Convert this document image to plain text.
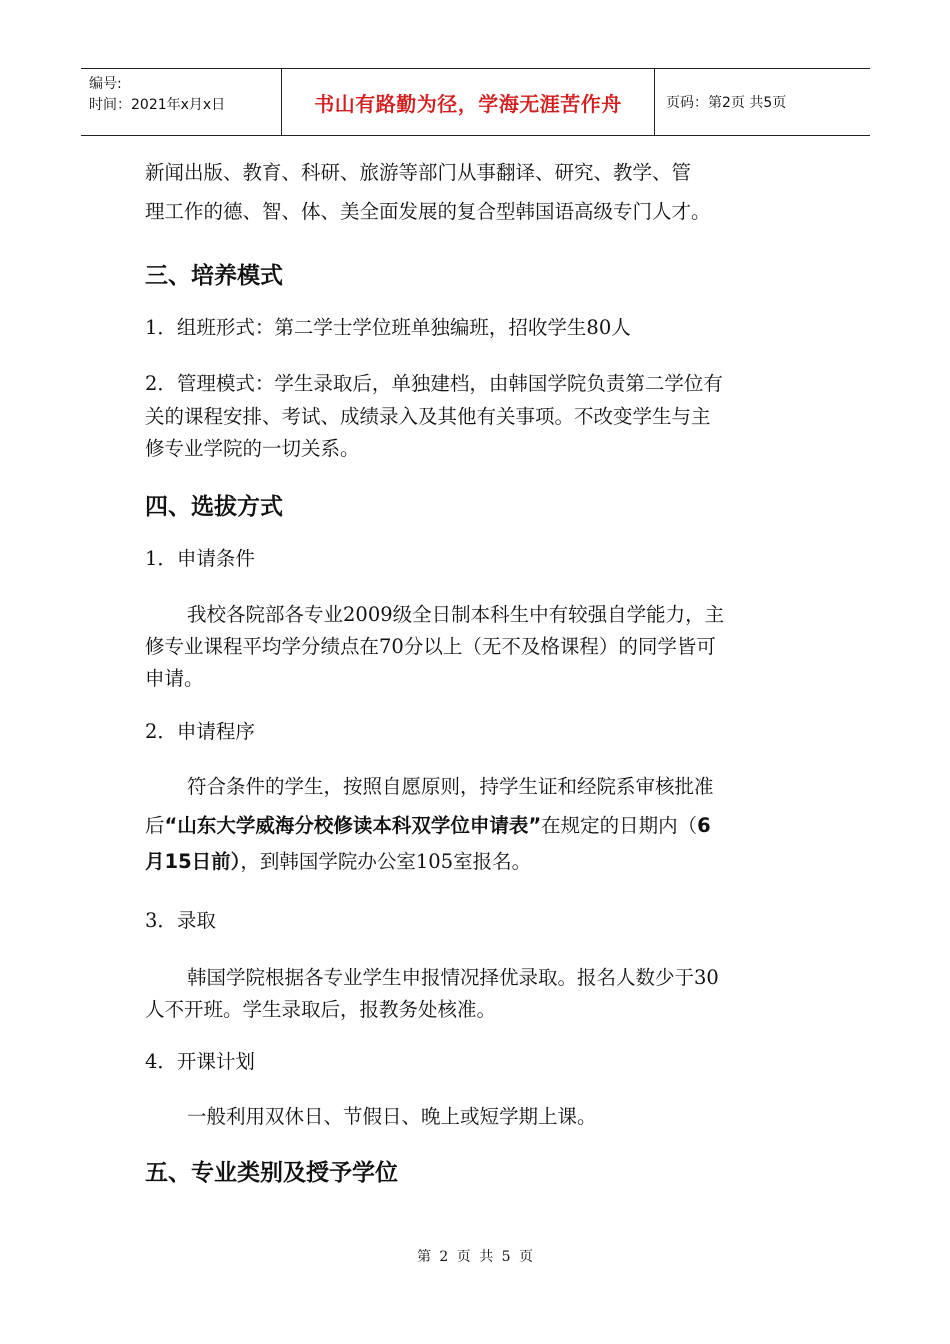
编号:
时间：2021年x月x日	书山有路勤为径，学海无涯苦作舟	页码：第2页 共5页
新闻出版、教育、科研、旅游等部门从事翻译、研究、教学、管
理工作的德、智、体、美全面发展的复合型韩国语高级专门人才。
三、培养模式
1．组班形式：第二学士学位班单独编班，招收学生80人
2．管理模式：学生录取后，单独建档，由韩国学院负责第二学位有
关的课程安排、考试、成绩录入及其他有关事项。不改变学生与主
修专业学院的一切关系。
四、选拔方式
1．申请条件
我校各院部各专业2009级全日制本科生中有较强自学能力，主
修专业课程平均学分绩点在70分以上（无不及格课程）的同学皆可
申请。
2．申请程序
符合条件的学生，按照自愿原则，持学生证和经院系审核批准
后“山东大学威海分校修读本科双学位申请表”在规定的日期内（6
月15日前），到韩国学院办公室105室报名。
3．录取
韩国学院根据各专业学生申报情况择优录取。报名人数少于30
人不开班。学生录取后，报教务处核准。
4．开课计划
一般利用双休日、节假日、晚上或短学期上课。
五、专业类别及授予学位
第 2 页 共 5 页
